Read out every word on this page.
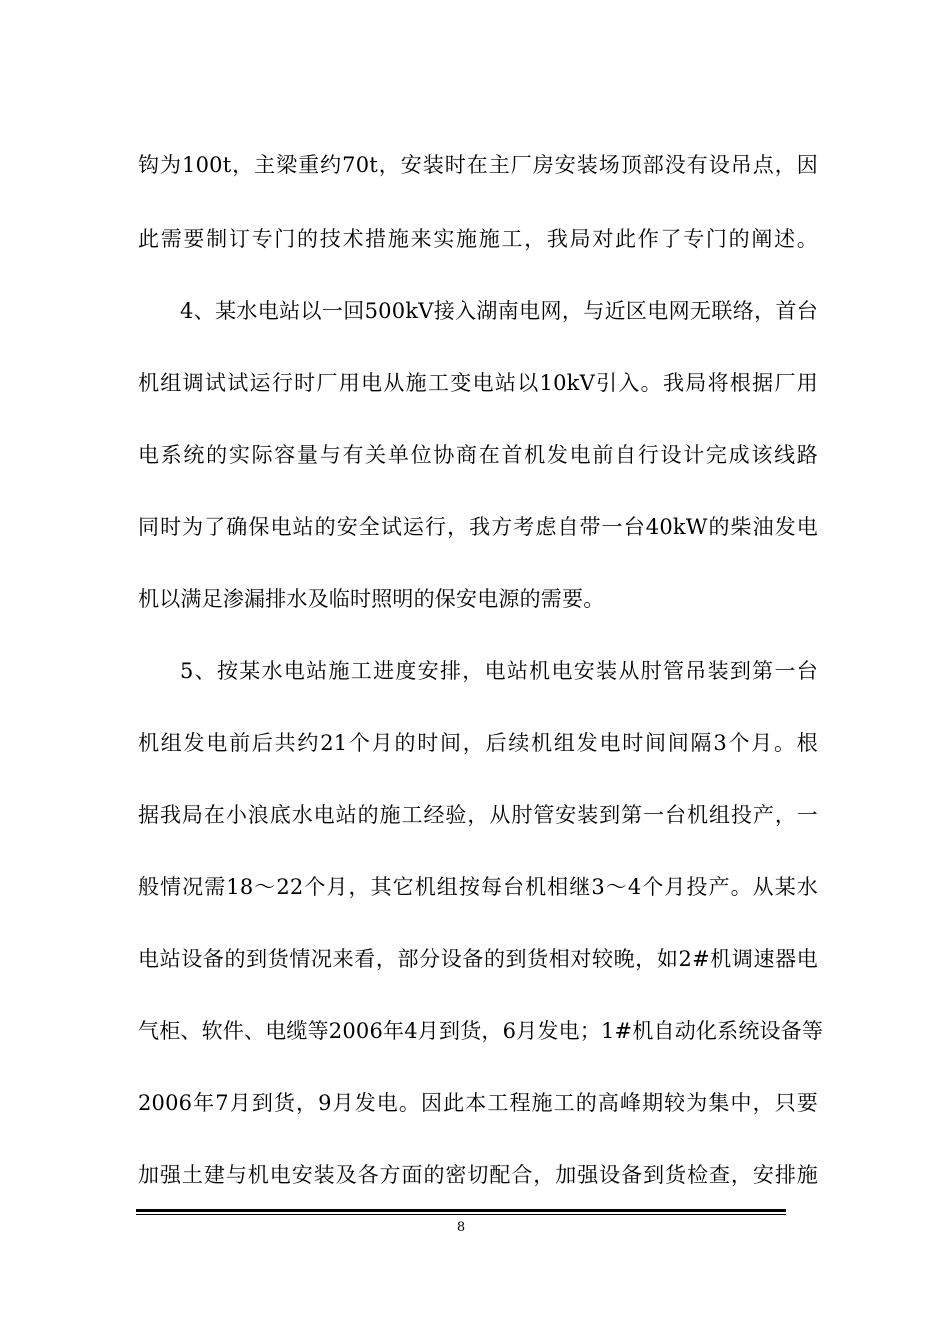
钩为100t，主梁重约70t，安装时在主厂房安装场顶部没有设吊点，因
此需要制订专门的技术措施来实施施工，我局对此作了专门的阐述。
4、某水电站以一回500kV接入湖南电网，与近区电网无联络，首台
机组调试试运行时厂用电从施工变电站以10kV引入。我局将根据厂用
电系统的实际容量与有关单位协商在首机发电前自行设计完成该线路
同时为了确保电站的安全试运行，我方考虑自带一台40kW的柴油发电
机以满足渗漏排水及临时照明的保安电源的需要。
5、按某水电站施工进度安排，电站机电安装从肘管吊装到第一台
机组发电前后共约21个月的时间，后续机组发电时间间隔3个月。根
据我局在小浪底水电站的施工经验，从肘管安装到第一台机组投产，一
般情况需18～22个月，其它机组按每台机相继3～4个月投产。从某水
电站设备的到货情况来看，部分设备的到货相对较晚，如2#机调速器电
气柜、软件、电缆等2006年4月到货，6月发电；1#机自动化系统设备等
2006年7月到货，9月发电。因此本工程施工的高峰期较为集中，只要
加强土建与机电安装及各方面的密切配合，加强设备到货检查，安排施
8
